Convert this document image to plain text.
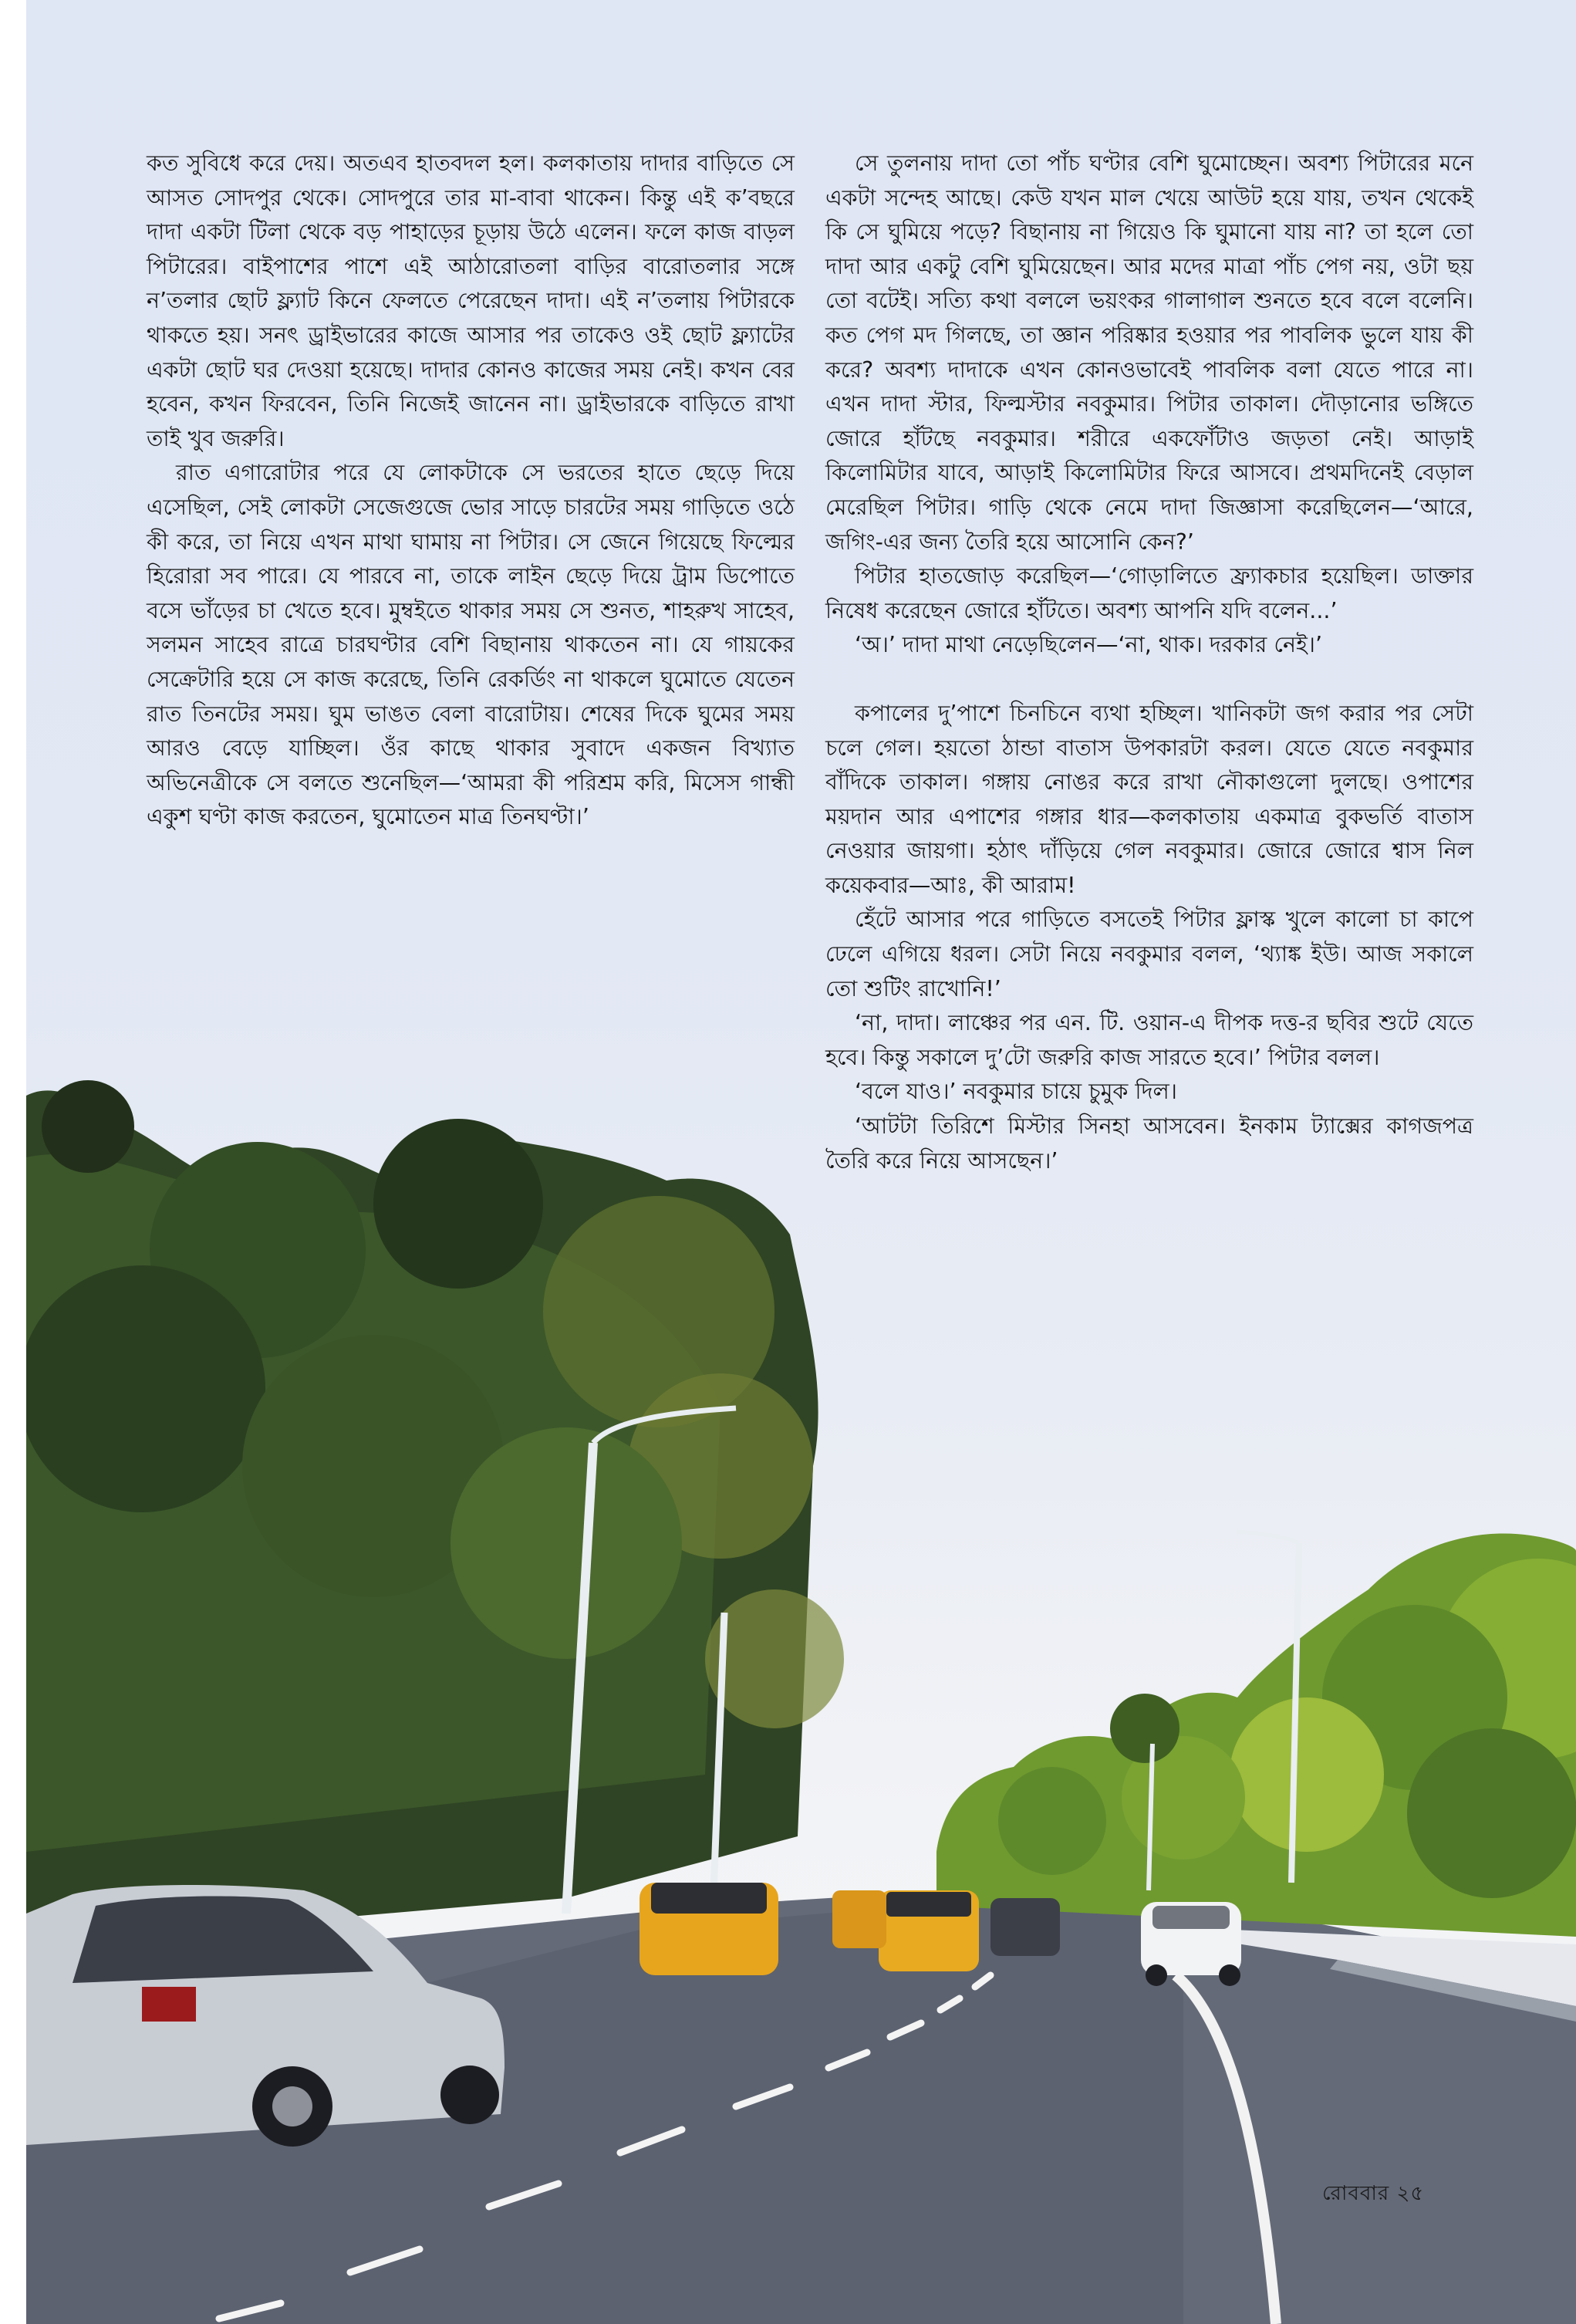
কত সুবিধে করে দেয়। অতএব হাতবদল হল। কলকাতায় দাদার বাড়িতে সে আসত সোদপুর থেকে। সোদপুরে তার মা-বাবা থাকেন। কিন্তু এই ক’বছরে দাদা একটা টিলা থেকে বড় পাহাড়ের চূড়ায় উঠে এলেন। ফলে কাজ বাড়ল পিটারের। বাইপাশের পাশে এই আঠারোতলা বাড়ির বারোতলার সঙ্গে ন’তলার ছোট ফ্ল্যাট কিনে ফেলতে পেরেছেন দাদা। এই ন’তলায় পিটারকে থাকতে হয়। সনৎ ড্রাইভারের কাজে আসার পর তাকেও ওই ছোট ফ্ল্যাটের একটা ছোট ঘর দেওয়া হয়েছে। দাদার কোনও কাজের সময় নেই। কখন বের হবেন, কখন ফিরবেন, তিনি নিজেই জানেন না। ড্রাইভারকে বাড়িতে রাখা তাই খুব জরুরি।

রাত এগারোটার পরে যে লোকটাকে সে ভরতের হাতে ছেড়ে দিয়ে এসেছিল, সেই লোকটা সেজেগুজে ভোর সাড়ে চারটের সময় গাড়িতে ওঠে কী করে, তা নিয়ে এখন মাথা ঘামায় না পিটার। সে জেনে গিয়েছে ফিল্মের হিরোরা সব পারে। যে পারবে না, তাকে লাইন ছেড়ে দিয়ে ট্রাম ডিপোতে বসে ভাঁড়ের চা খেতে হবে। মুম্বইতে থাকার সময় সে শুনত, শাহরুখ সাহেব, সলমন সাহেব রাত্রে চারঘণ্টার বেশি বিছানায় থাকতেন না। যে গায়কের সেক্রেটারি হয়ে সে কাজ করেছে, তিনি রেকর্ডিং না থাকলে ঘুমোতে যেতেন রাত তিনটের সময়। ঘুম ভাঙত বেলা বারোটায়। শেষের দিকে ঘুমের সময় আরও বেড়ে যাচ্ছিল। ওঁর কাছে থাকার সুবাদে একজন বিখ্যাত অভিনেত্রীকে সে বলতে শুনেছিল—‘আমরা কী পরিশ্রম করি, মিসেস গান্ধী একুশ ঘণ্টা কাজ করতেন, ঘুমোতেন মাত্র তিনঘণ্টা।’

সে তুলনায় দাদা তো পাঁচ ঘণ্টার বেশি ঘুমোচ্ছেন। অবশ্য পিটারের মনে একটা সন্দেহ আছে। কেউ যখন মাল খেয়ে আউট হয়ে যায়, তখন থেকেই কি সে ঘুমিয়ে পড়ে? বিছানায় না গিয়েও কি ঘুমানো যায় না? তা হলে তো দাদা আর একটু বেশি ঘুমিয়েছেন। আর মদের মাত্রা পাঁচ পেগ নয়, ওটা ছয় তো বটেই। সত্যি কথা বললে ভয়ংকর গালাগাল শুনতে হবে বলে বলেনি। কত পেগ মদ গিলছে, তা জ্ঞান পরিষ্কার হওয়ার পর পাবলিক ভুলে যায় কী করে? অবশ্য দাদাকে এখন কোনওভাবেই পাবলিক বলা যেতে পারে না। এখন দাদা স্টার, ফিল্মস্টার নবকুমার। পিটার তাকাল। দৌড়ানোর ভঙ্গিতে জোরে হাঁটছে নবকুমার। শরীরে একফোঁটাও জড়তা নেই। আড়াই কিলোমিটার যাবে, আড়াই কিলোমিটার ফিরে আসবে। প্রথমদিনেই বেড়াল মেরেছিল পিটার। গাড়ি থেকে নেমে দাদা জিজ্ঞাসা করেছিলেন—‘আরে, জগিং-এর জন্য তৈরি হয়ে আসোনি কেন?’

পিটার হাতজোড় করেছিল—‘গোড়ালিতে ফ্র্যাকচার হয়েছিল। ডাক্তার নিষেধ করেছেন জোরে হাঁটতে। অবশ্য আপনি যদি বলেন...’

‘অ।’ দাদা মাথা নেড়েছিলেন—‘না, থাক। দরকার নেই।’

কপালের দু’পাশে চিনচিনে ব্যথা হচ্ছিল। খানিকটা জগ করার পর সেটা চলে গেল। হয়তো ঠান্ডা বাতাস উপকারটা করল। যেতে যেতে নবকুমার বাঁদিকে তাকাল। গঙ্গায় নোঙর করে রাখা নৌকাগুলো দুলছে। ওপাশের ময়দান আর এপাশের গঙ্গার ধার—কলকাতায় একমাত্র বুকভর্তি বাতাস নেওয়ার জায়গা। হঠাৎ দাঁড়িয়ে গেল নবকুমার। জোরে জোরে শ্বাস নিল কয়েকবার—আঃ, কী আরাম!

হেঁটে আসার পরে গাড়িতে বসতেই পিটার ফ্লাস্ক খুলে কালো চা কাপে ঢেলে এগিয়ে ধরল। সেটা নিয়ে নবকুমার বলল, ‘থ্যাঙ্ক ইউ। আজ সকালে তো শুটিং রাখোনি!’

‘না, দাদা। লাঞ্চের পর এন. টি. ওয়ান-এ দীপক দত্ত-র ছবির শুটে যেতে হবে। কিন্তু সকালে দু’টো জরুরি কাজ সারতে হবে।’ পিটার বলল।

‘বলে যাও।’ নবকুমার চায়ে চুমুক দিল।

‘আটটা তিরিশে মিস্টার সিনহা আসবেন। ইনকাম ট্যাক্সের কাগজপত্র তৈরি করে নিয়ে আসছেন।’

রোববার ২৫
